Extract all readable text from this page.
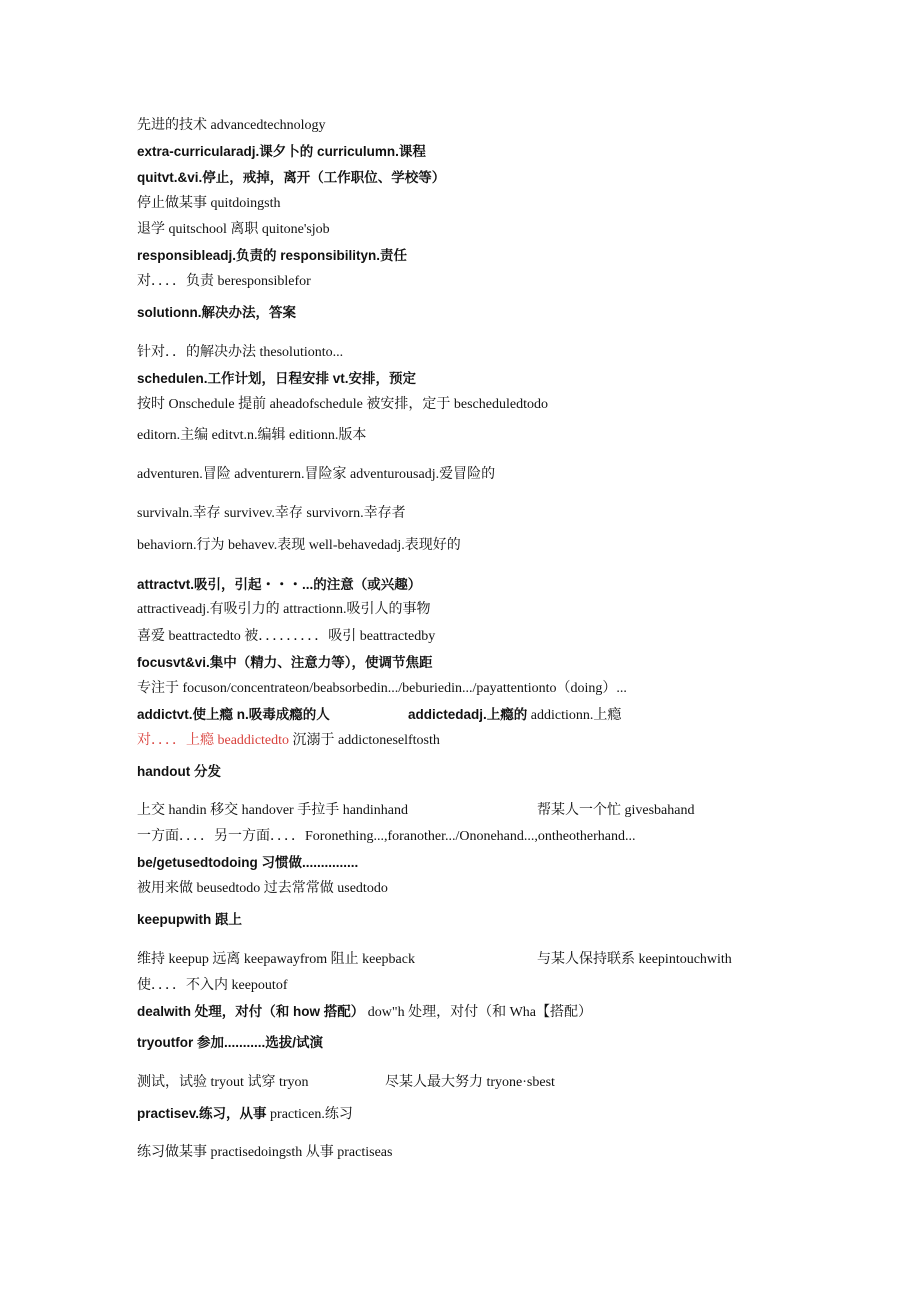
先进的技术 advancedtechnology
extra-curricularadj.课夕卜的 curriculumn.课程
quitvt.&vi.停止，戒掉，离开（工作职位、学校等）
停止做某事 quitdoingsth
退学 quitschool 离职 quitone'sjob
responsibleadj.负责的 responsibilityn.责任
对．．．．负责 beresponsiblefor
solutionn.解决办法，答案
针对．．的解决办法 thesolutionto...
schedulen.工作计划，日程安排 vt.安排，预定
按时 Onschedule 提前 aheadofschedule 被安排，定于 bescheduledtodo
editorn.主编 editvt.n.编辑 editionn.版本
adventuren.冒险 adventurern.冒险家 adventurousadj.爱冒险的
survivaln.幸存 survivev.幸存 survivorn.幸存者
behaviorn.行为 behavev.表现 well-behavedadj.表现好的
attractvt.吸引，引起・・・...的注意（或兴趣）
attractiveadj.有吸引力的 attractionn.吸引人的事物
喜爱 beattractedto 被．．．．．．．．．吸引 beattractedby
focusvt&vi.集中（精力、注意力等），使调节焦距
专注于 focuson/concentrateon/beabsorbedin.../beburiedin.../payattentionto（doing）...
addictvt.使上瘾 n.吸毒成瘾的人	addictedadj.上瘾的 addictionn.上瘾
对．．．．上瘾 beaddictedto 沉溺于 addictoneselftosth
handout 分发
上交 handin 移交 handover 手拉手 handinhand	帮某人一个忙 givesbahand
一方面．．．．另一方面．．．．Foronething...,foranother.../Ononehand...,ontheotherhand...
be/getusedtodoing 习惯做...............
被用来做 beusedtodo 过去常常做 usedtodo
keepupwith 跟上
维持 keepup 远离 keepawayfrom 阻止 keepback	与某人保持联系 keepintouchwith
使．．．．不入内 keepoutof
dealwith 处理，对付（和 how 搭配） dow"h 处理，对付（和 Wha【搭配）
tryoutfor 参加...........选拔/试演
测试，试验 tryout 试穿 tryon	尽某人最大努力 tryone·sbest
practisev.练习，从事 practicen.练习
练习做某事 practisedoingsth 从事 practiseas
